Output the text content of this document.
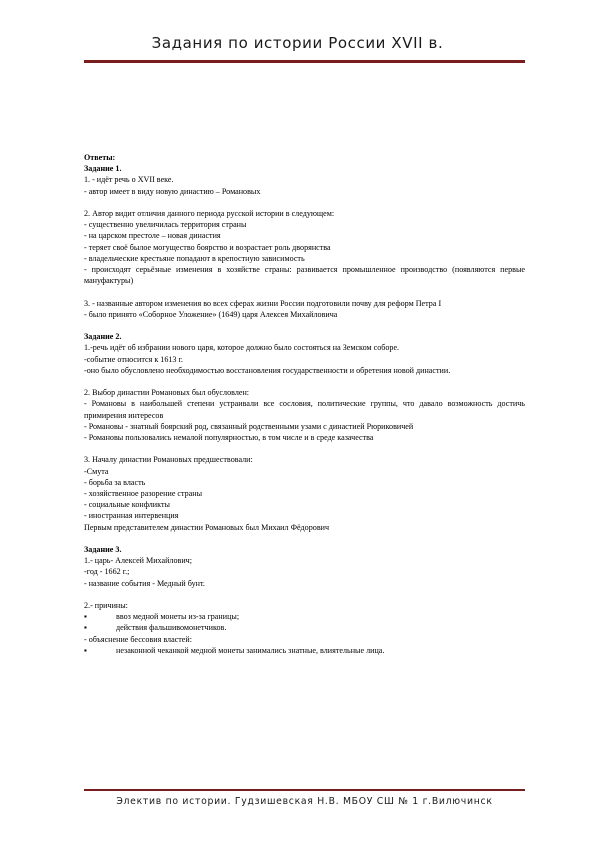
Задания по истории России XVII в.

Ответы:

Задание 1.

1. - идёт речь о XVII веке.

- автор имеет в виду новую династию – Романовых

2. Автор видит отличия данного периода русской истории в следующем:

- существенно увеличилась территория страны

- на царском престоле – новая династия

- теряет своё былое могущество боярство и возрастает роль дворянства

- владельческие крестьяне попадают в крепостную зависимость

- происходят серьёзные изменения в хозяйстве страны: развивается промышленное производство (появляются первые мануфактуры)

3. - названные автором изменения во всех сферах жизни России подготовили почву для реформ Петра I

- было принято «Соборное Уложение» (1649) царя Алексея Михайловича

Задание 2.

1.-речь идёт об избрании нового царя, которое должно было состояться на Земском соборе.

-событие относится к 1613 г.

-оно было обусловлено необходимостью восстановления государственности и обретения новой династии.

2. Выбор династии Романовых был обусловлен:

- Романовы в наибольшей степени устраивали все сословия, политические группы, что давало возможность достичь примирения интересов

- Романовы - знатный боярский род, связанный родственными узами с династией Рюриковичей

- Романовы пользовались немалой популярностью, в том числе и в среде казачества

3. Началу династии Романовых предшествовали:

-Смута

- борьба за власть

- хозяйственное разорение страны

- социальные конфликты

- иностранная интервенция

Первым представителем династии Романовых был Михаил Фёдорович

Задание 3.

1.- царь- Алексей Михайлович;

-год - 1662 г.;

- название события - Медный бунт.

2.- причины:

▪	ввоз медной монеты из-за границы;
▪	действия фальшивомонетчиков.

- объяснение бессовия властей:

▪	незаконной чеканкой медной монеты занимались знатные, влиятельные лица.
Электив по истории. Гудзишевская Н.В. МБОУ СШ № 1 г.Вилючинск
